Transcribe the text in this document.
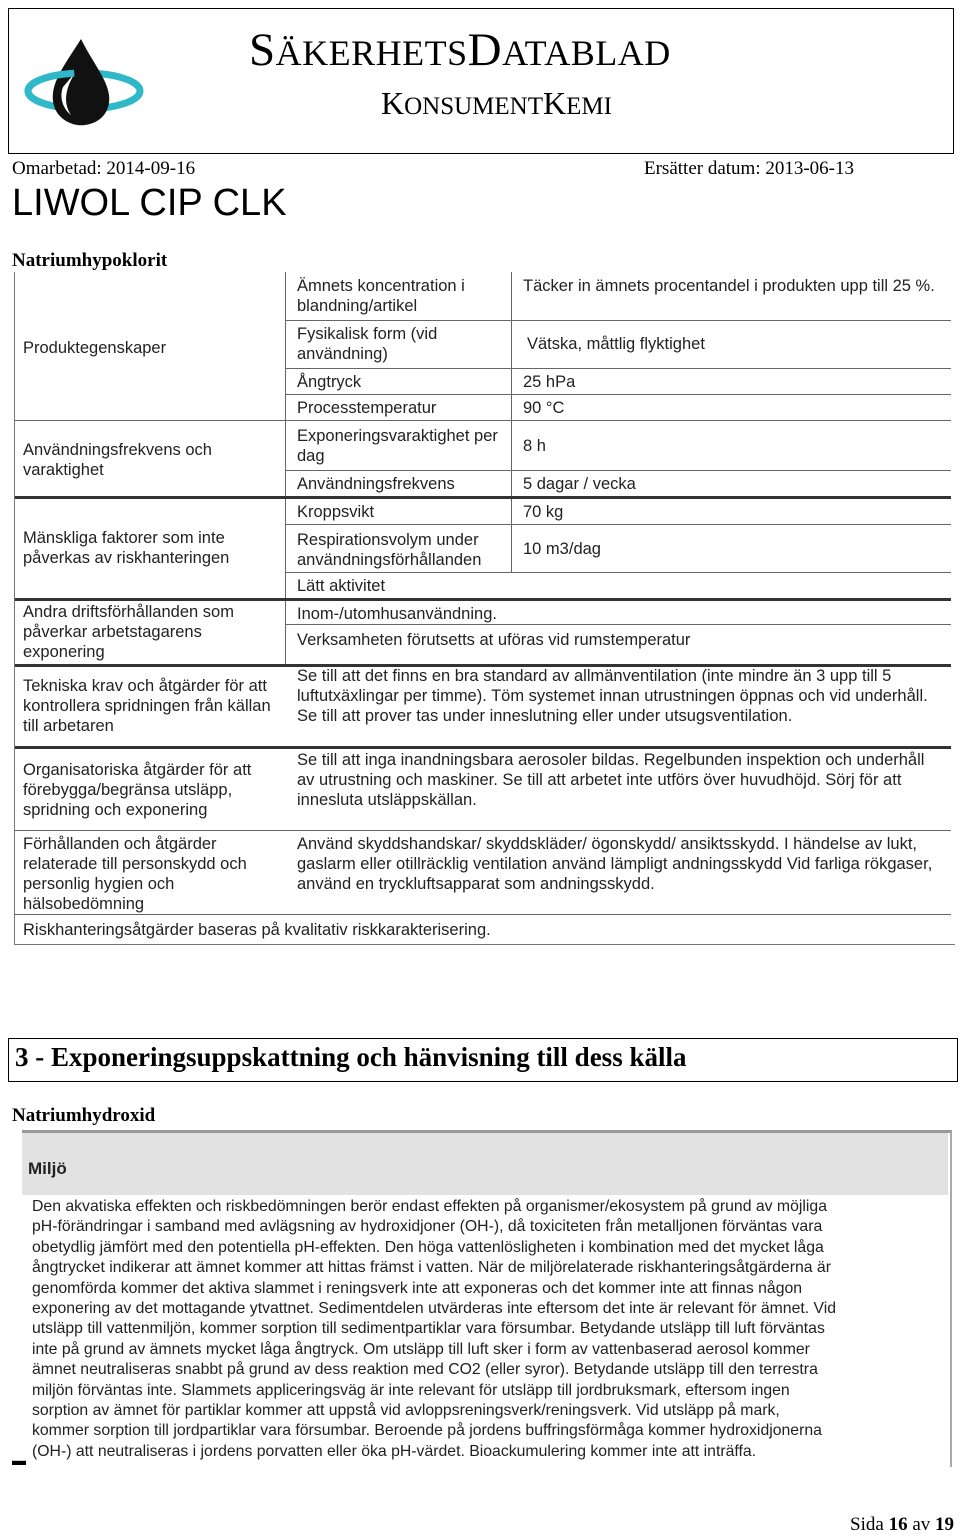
SÄKERHETSDATABLAD
KONSUMENTKEMI
Omarbetad: 2014-09-16	Ersätter datum: 2013-06-13
LIWOL CIP CLK
Natriumhypoklorit
Produktegenskaper
Användningsfrekvens och varaktighet
Mänskliga faktorer som inte påverkas av riskhanteringen
Andra driftsförhållanden som påverkar arbetstagarens exponering
Tekniska krav och åtgärder för att kontrollera spridningen från källan till arbetaren
Organisatoriska åtgärder för att förebygga/begränsa utsläpp, spridning och exponering
Förhållanden och åtgärder relaterade till personskydd och personlig hygien och hälsobedömning
Riskhanteringsåtgärder baseras på kvalitativ riskkarakterisering.
Ämnets koncentration i blandning/artikel
Fysikalisk form (vid användning)
Ångtryck
Processtemperatur
Exponeringsvaraktighet per dag
Användningsfrekvens
Kroppsvikt
Respirationsvolym under användningsförhållanden
Lätt aktivitet
Inom-/utomhusanvändning.
Verksamheten förutsetts at uföras vid rumstemperatur
Se till att det finns en bra standard av allmänventilation (inte mindre än 3 upp till 5 luftutxäxlingar per timme). Töm systemet innan utrustningen öppnas och vid underhåll. Se till att prover tas under inneslutning eller under utsugsventilation.
Se till att inga inandningsbara aerosoler bildas. Regelbunden inspektion och underhåll av utrustning och maskiner. Se till att arbetet inte utförs över huvudhöjd. Sörj för att innesluta utsläppskällan.
Använd skyddshandskar/ skyddskläder/ ögonskydd/ ansiktsskydd. I händelse av lukt, gaslarm eller otillräcklig ventilation använd lämpligt andningsskydd Vid farliga rökgaser, använd en tryckluftsapparat som andningsskydd.
Täcker in ämnets procentandel i produkten upp till 25 %.
Vätska, måttlig flyktighet
25 hPa
90 °C
8 h
5 dagar / vecka
70 kg
10 m3/dag
3 - Exponeringsuppskattning och hänvisning till dess källa
Natriumhydroxid
Miljö
Den akvatiska effekten och riskbedömningen berör endast effekten på organismer/ekosystem på grund av möjliga
pH-förändringar i samband med avlägsning av hydroxidjoner (OH-), då toxiciteten från metalljonen förväntas vara
obetydlig jämfört med den potentiella pH-effekten. Den höga vattenlösligheten i kombination med det mycket låga
ångtrycket indikerar att ämnet kommer att hittas främst i vatten. När de miljörelaterade riskhanteringsåtgärderna är
genomförda kommer det aktiva slammet i reningsverk inte att exponeras och det kommer inte att finnas någon
exponering av det mottagande ytvattnet. Sedimentdelen utvärderas inte eftersom det inte är relevant för ämnet. Vid
utsläpp till vattenmiljön, kommer sorption till sedimentpartiklar vara försumbar. Betydande utsläpp till luft förväntas
inte på grund av ämnets mycket låga ångtryck. Om utsläpp till luft sker i form av vattenbaserad aerosol kommer
ämnet neutraliseras snabbt på grund av dess reaktion med CO2 (eller syror). Betydande utsläpp till den terrestra
miljön förväntas inte. Slammets appliceringsväg är inte relevant för utsläpp till jordbruksmark, eftersom ingen
sorption av ämnet för partiklar kommer att uppstå vid avloppsreningsverk/reningsverk. Vid utsläpp på mark,
kommer sorption till jordpartiklar vara försumbar. Beroende på jordens buffringsförmåga kommer hydroxidjonerna
(OH-) att neutraliseras i jordens porvatten eller öka pH-värdet. Bioackumulering kommer inte att inträffa.
▬
Sida 16 av 19
